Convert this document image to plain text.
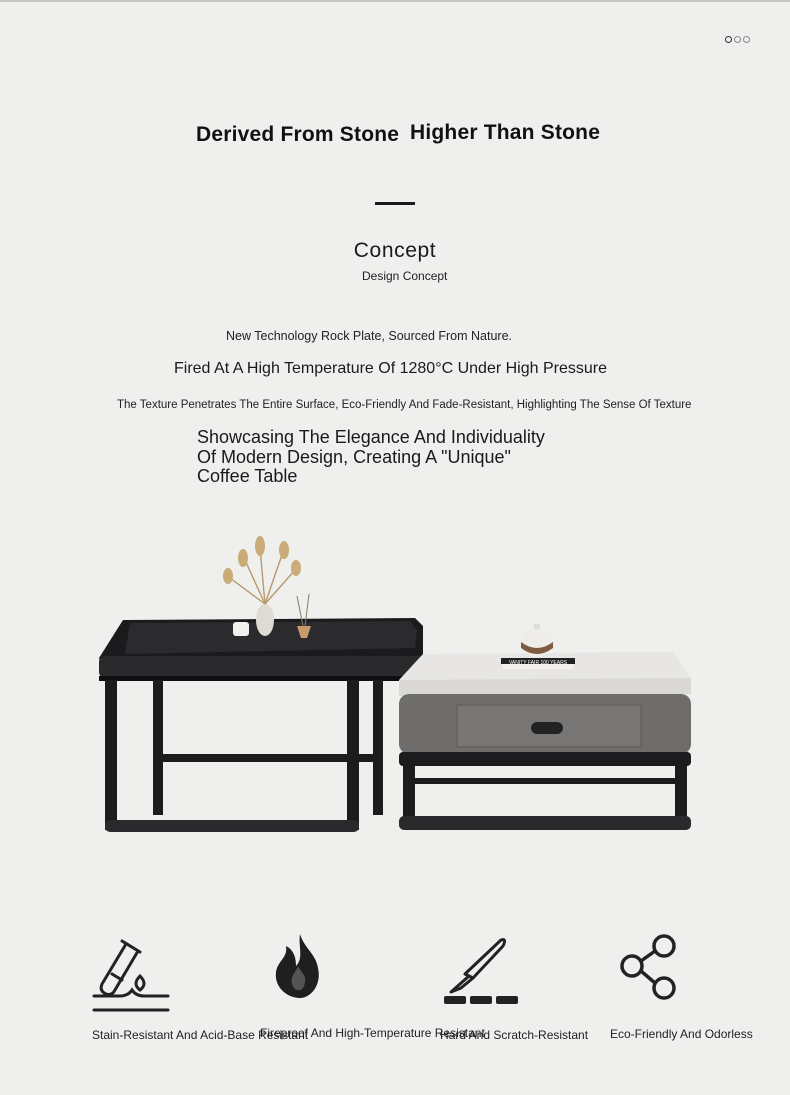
Derived From Stone Higher Than Stone
Concept
Design Concept
New Technology Rock Plate, Sourced From Nature.
Fired At A High Temperature Of 1280°C Under High Pressure
The Texture Penetrates The Entire Surface, Eco-Friendly And Fade-Resistant, Highlighting The Sense Of Texture
Showcasing The Elegance And Individuality
Of Modern Design, Creating A "Unique"
Coffee Table
VANITY FAIR 100 YEARS
Stain-Resistant And Acid-Base Resistant
Fireproof And High-Temperature Resistant
Hard And Scratch-Resistant Eco-Friendly And Odorless
